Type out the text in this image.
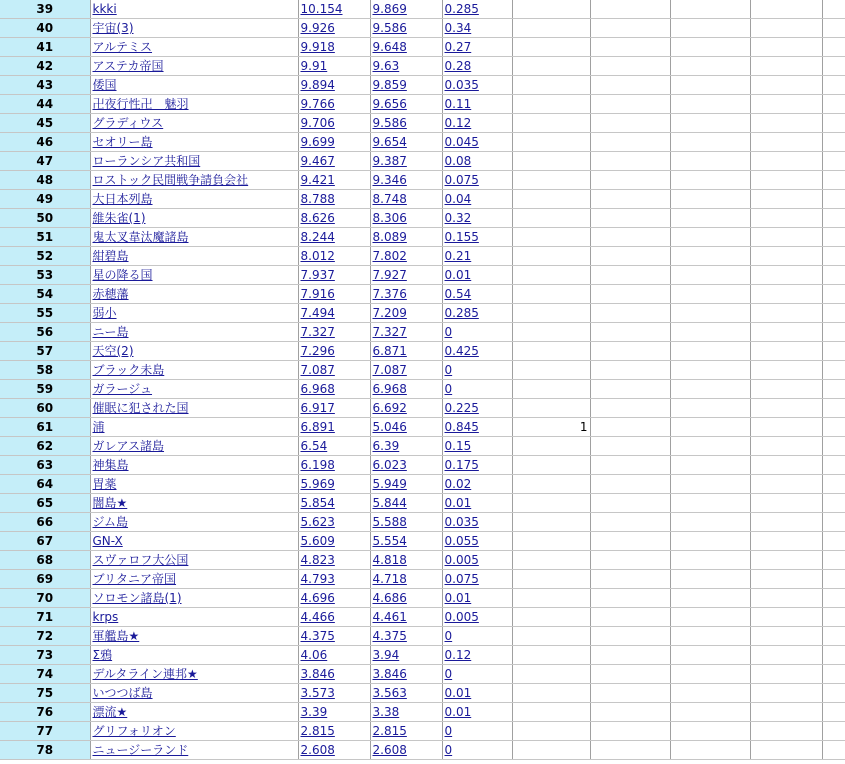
39	kkki	10.154	9.869	0.285					
40	宇宙(3)	9.926	9.586	0.34					
41	アルテミス	9.918	9.648	0.27					
42	アステカ帝国	9.91	9.63	0.28					
43	倭国	9.894	9.859	0.035					
44	卍夜行性卍　魅羽	9.766	9.656	0.11					
45	グラディウス	9.706	9.586	0.12					
46	セオリー島	9.699	9.654	0.045					
47	ローランシア共和国	9.467	9.387	0.08					
48	ロストック民間戦争請負会社	9.421	9.346	0.075					
49	大日本列島	8.788	8.748	0.04					
50	維朱雀(1)	8.626	8.306	0.32					
51	鬼太叉韋汰魔諸島	8.244	8.089	0.155					
52	紺碧島	8.012	7.802	0.21					
53	星の降る国	7.937	7.927	0.01					
54	赤穂藩	7.916	7.376	0.54					
55	弱小	7.494	7.209	0.285					
56	ニー島	7.327	7.327	0					
57	天空(2)	7.296	6.871	0.425					
58	ブラック未島	7.087	7.087	0					
59	ガラージュ	6.968	6.968	0					
60	催眠に犯された国	6.917	6.692	0.225					
61	浦	6.891	5.046	0.845	1				
62	ガレアス諸島	6.54	6.39	0.15					
63	神集島	6.198	6.023	0.175					
64	胃薬	5.969	5.949	0.02					
65	闇島★	5.854	5.844	0.01					
66	ジム島	5.623	5.588	0.035					
67	GN-X	5.609	5.554	0.055					
68	スヴァロフ大公国	4.823	4.818	0.005					
69	ブリタニア帝国	4.793	4.718	0.075					
70	ソロモン諸島(1)	4.696	4.686	0.01					
71	krps	4.466	4.461	0.005					
72	軍艦島★	4.375	4.375	0					
73	Σ鴉	4.06	3.94	0.12					
74	デルタライン連邦★	3.846	3.846	0					
75	いつつば島	3.573	3.563	0.01					
76	漂流★	3.39	3.38	0.01					
77	グリフォリオン	2.815	2.815	0					
78	ニュージーランド	2.608	2.608	0					
